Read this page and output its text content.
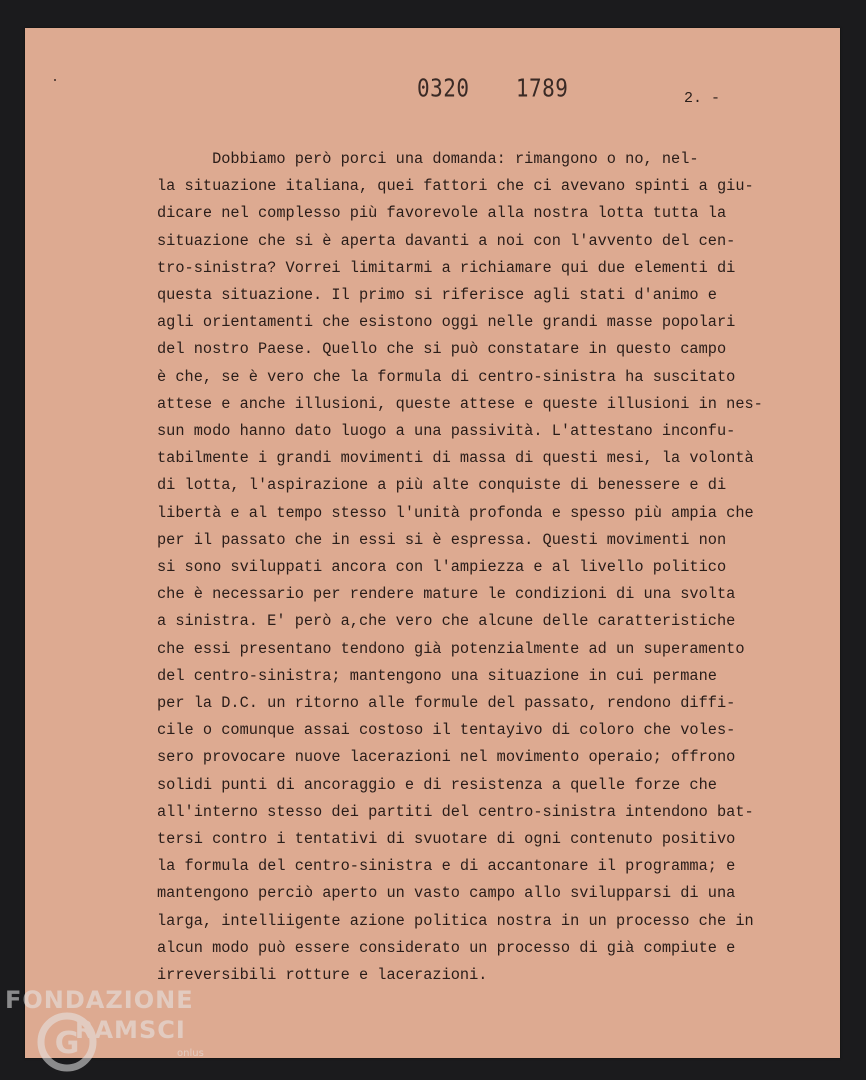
0320  1789	2. -
Dobbiamo però porci una domanda: rimangono o no, nel-
la situazione italiana, quei fattori che ci avevano spinti a giu-
dicare nel complesso più favorevole alla nostra lotta tutta la
situazione che si è aperta davanti a noi con l'avvento del cen-
tro-sinistra? Vorrei limitarmi a richiamare qui due elementi di
questa situazione. Il primo si riferisce agli stati d'animo e
agli orientamenti che esistono oggi nelle grandi masse popolari
del nostro Paese. Quello che si può constatare in questo campo
è che, se è vero che la formula di centro-sinistra ha suscitato
attese e anche illusioni, queste attese e queste illusioni in nes-
sun modo hanno dato luogo a una passività. L'attestano inconfu-
tabilmente i grandi movimenti di massa di questi mesi, la volontà
di lotta, l'aspirazione a più alte conquiste di benessere e di
libertà e al tempo stesso l'unità profonda e spesso più ampia che
per il passato che in essi si è espressa. Questi movimenti non
si sono sviluppati ancora con l'ampiezza e al livello politico
che è necessario per rendere mature le condizioni di una svolta
a sinistra. E' però a,che vero che alcune delle caratteristiche
che essi presentano tendono già potenzialmente ad un superamento
del centro-sinistra; mantengono una situazione in cui permane
per la D.C. un ritorno alle formule del passato, rendono diffi-
cile o comunque assai costoso il tentayivo di coloro che voles-
sero provocare nuove lacerazioni nel movimento operaio; offrono
solidi punti di ancoraggio e di resistenza a quelle forze che
all'interno stesso dei partiti del centro-sinistra intendono bat-
tersi contro i tentativi di svuotare di ogni contenuto positivo
la formula del centro-sinistra e di accantonare il programma; e
mantengono perciò aperto un vasto campo allo svilupparsi di una
larga, intelliigente azione politica nostra in un processo che in
alcun modo può essere considerato un processo di già compiute e
irreversibili rotture e lacerazioni.
FONDAZIONE
G
RAMSCI
onlus
